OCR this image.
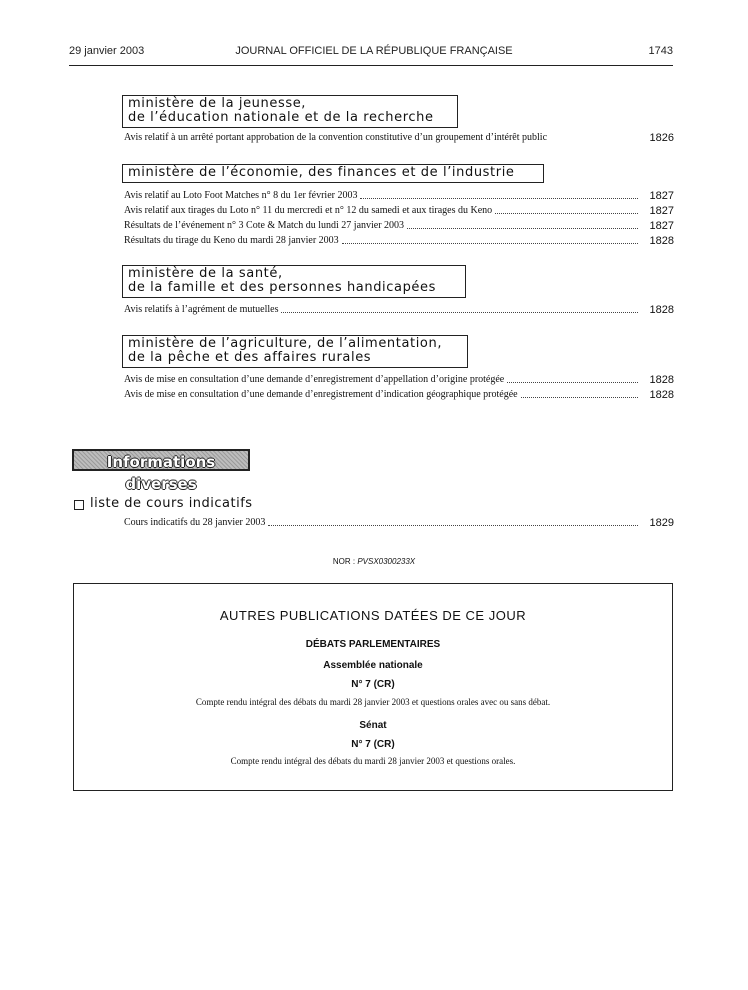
29 janvier 2003	JOURNAL OFFICIEL DE LA RÉPUBLIQUE FRANÇAISE	1743
ministère de la jeunesse,
de l’éducation nationale et de la recherche
Avis relatif à un arrêté portant approbation de la convention constitutive d’un groupement d’intérêt public	1826
ministère de l’économie, des finances et de l’industrie
Avis relatif au Loto Foot Matches n° 8 du 1er février 2003	1827
Avis relatif aux tirages du Loto n° 11 du mercredi et n° 12 du samedi et aux tirages du Keno	1827
Résultats de l’événement n° 3 Cote & Match du lundi 27 janvier 2003	1827
Résultats du tirage du Keno du mardi 28 janvier 2003	1828
ministère de la santé,
de la famille et des personnes handicapées
Avis relatifs à l’agrément de mutuelles	1828
ministère de l’agriculture, de l’alimentation,
de la pêche et des affaires rurales
Avis de mise en consultation d’une demande d’enregistrement d’appellation d’origine protégée	1828
Avis de mise en consultation d’une demande d’enregistrement d’indication géographique protégée	1828
Informations diverses
liste de cours indicatifs
Cours indicatifs du 28 janvier 2003	1829
NOR : PVSX0300233X
AUTRES PUBLICATIONS DATÉES DE CE JOUR
DÉBATS PARLEMENTAIRES
Assemblée nationale
N° 7 (CR)
Compte rendu intégral des débats du mardi 28 janvier 2003 et questions orales avec ou sans débat.
Sénat
N° 7 (CR)
Compte rendu intégral des débats du mardi 28 janvier 2003 et questions orales.
